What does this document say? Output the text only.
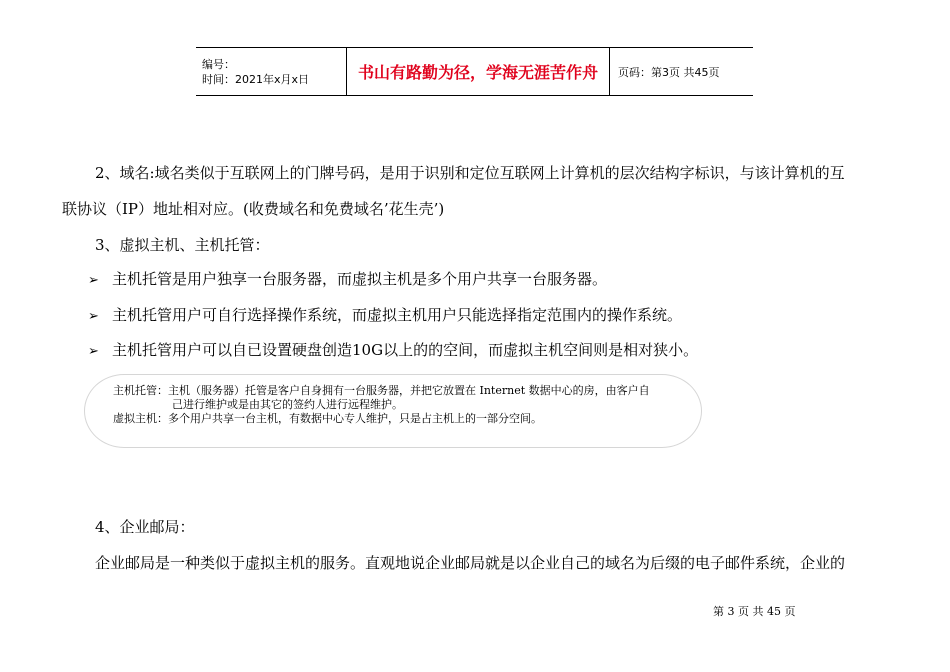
编号：
时间：2021年x月x日	书山有路勤为径，学海无涯苦作舟	页码：第3页 共45页
2、域名:域名类似于互联网上的门牌号码，是用于识别和定位互联网上计算机的层次结构字标识，与该计算机的互
联协议（IP）地址相对应。(收费域名和免费域名’花生壳’)
3、虚拟主机、主机托管：
➢ 主机托管是用户独享一台服务器，而虚拟主机是多个用户共享一台服务器。
➢ 主机托管用户可自行选择操作系统，而虚拟主机用户只能选择指定范围内的操作系统。
➢ 主机托管用户可以自已设置硬盘创造10G以上的的空间，而虚拟主机空间则是相对狭小。
主机托管：主机（服务器）托管是客户自身拥有一台服务器，并把它放置在 Internet 数据中心的房，由客户自
己进行维护或是由其它的签约人进行远程维护。
虚拟主机：多个用户共享一台主机，有数据中心专人维护，只是占主机上的一部分空间。
4、企业邮局：
企业邮局是一种类似于虚拟主机的服务。直观地说企业邮局就是以企业自己的域名为后缀的电子邮件系统，企业的
第 3 页 共 45 页
